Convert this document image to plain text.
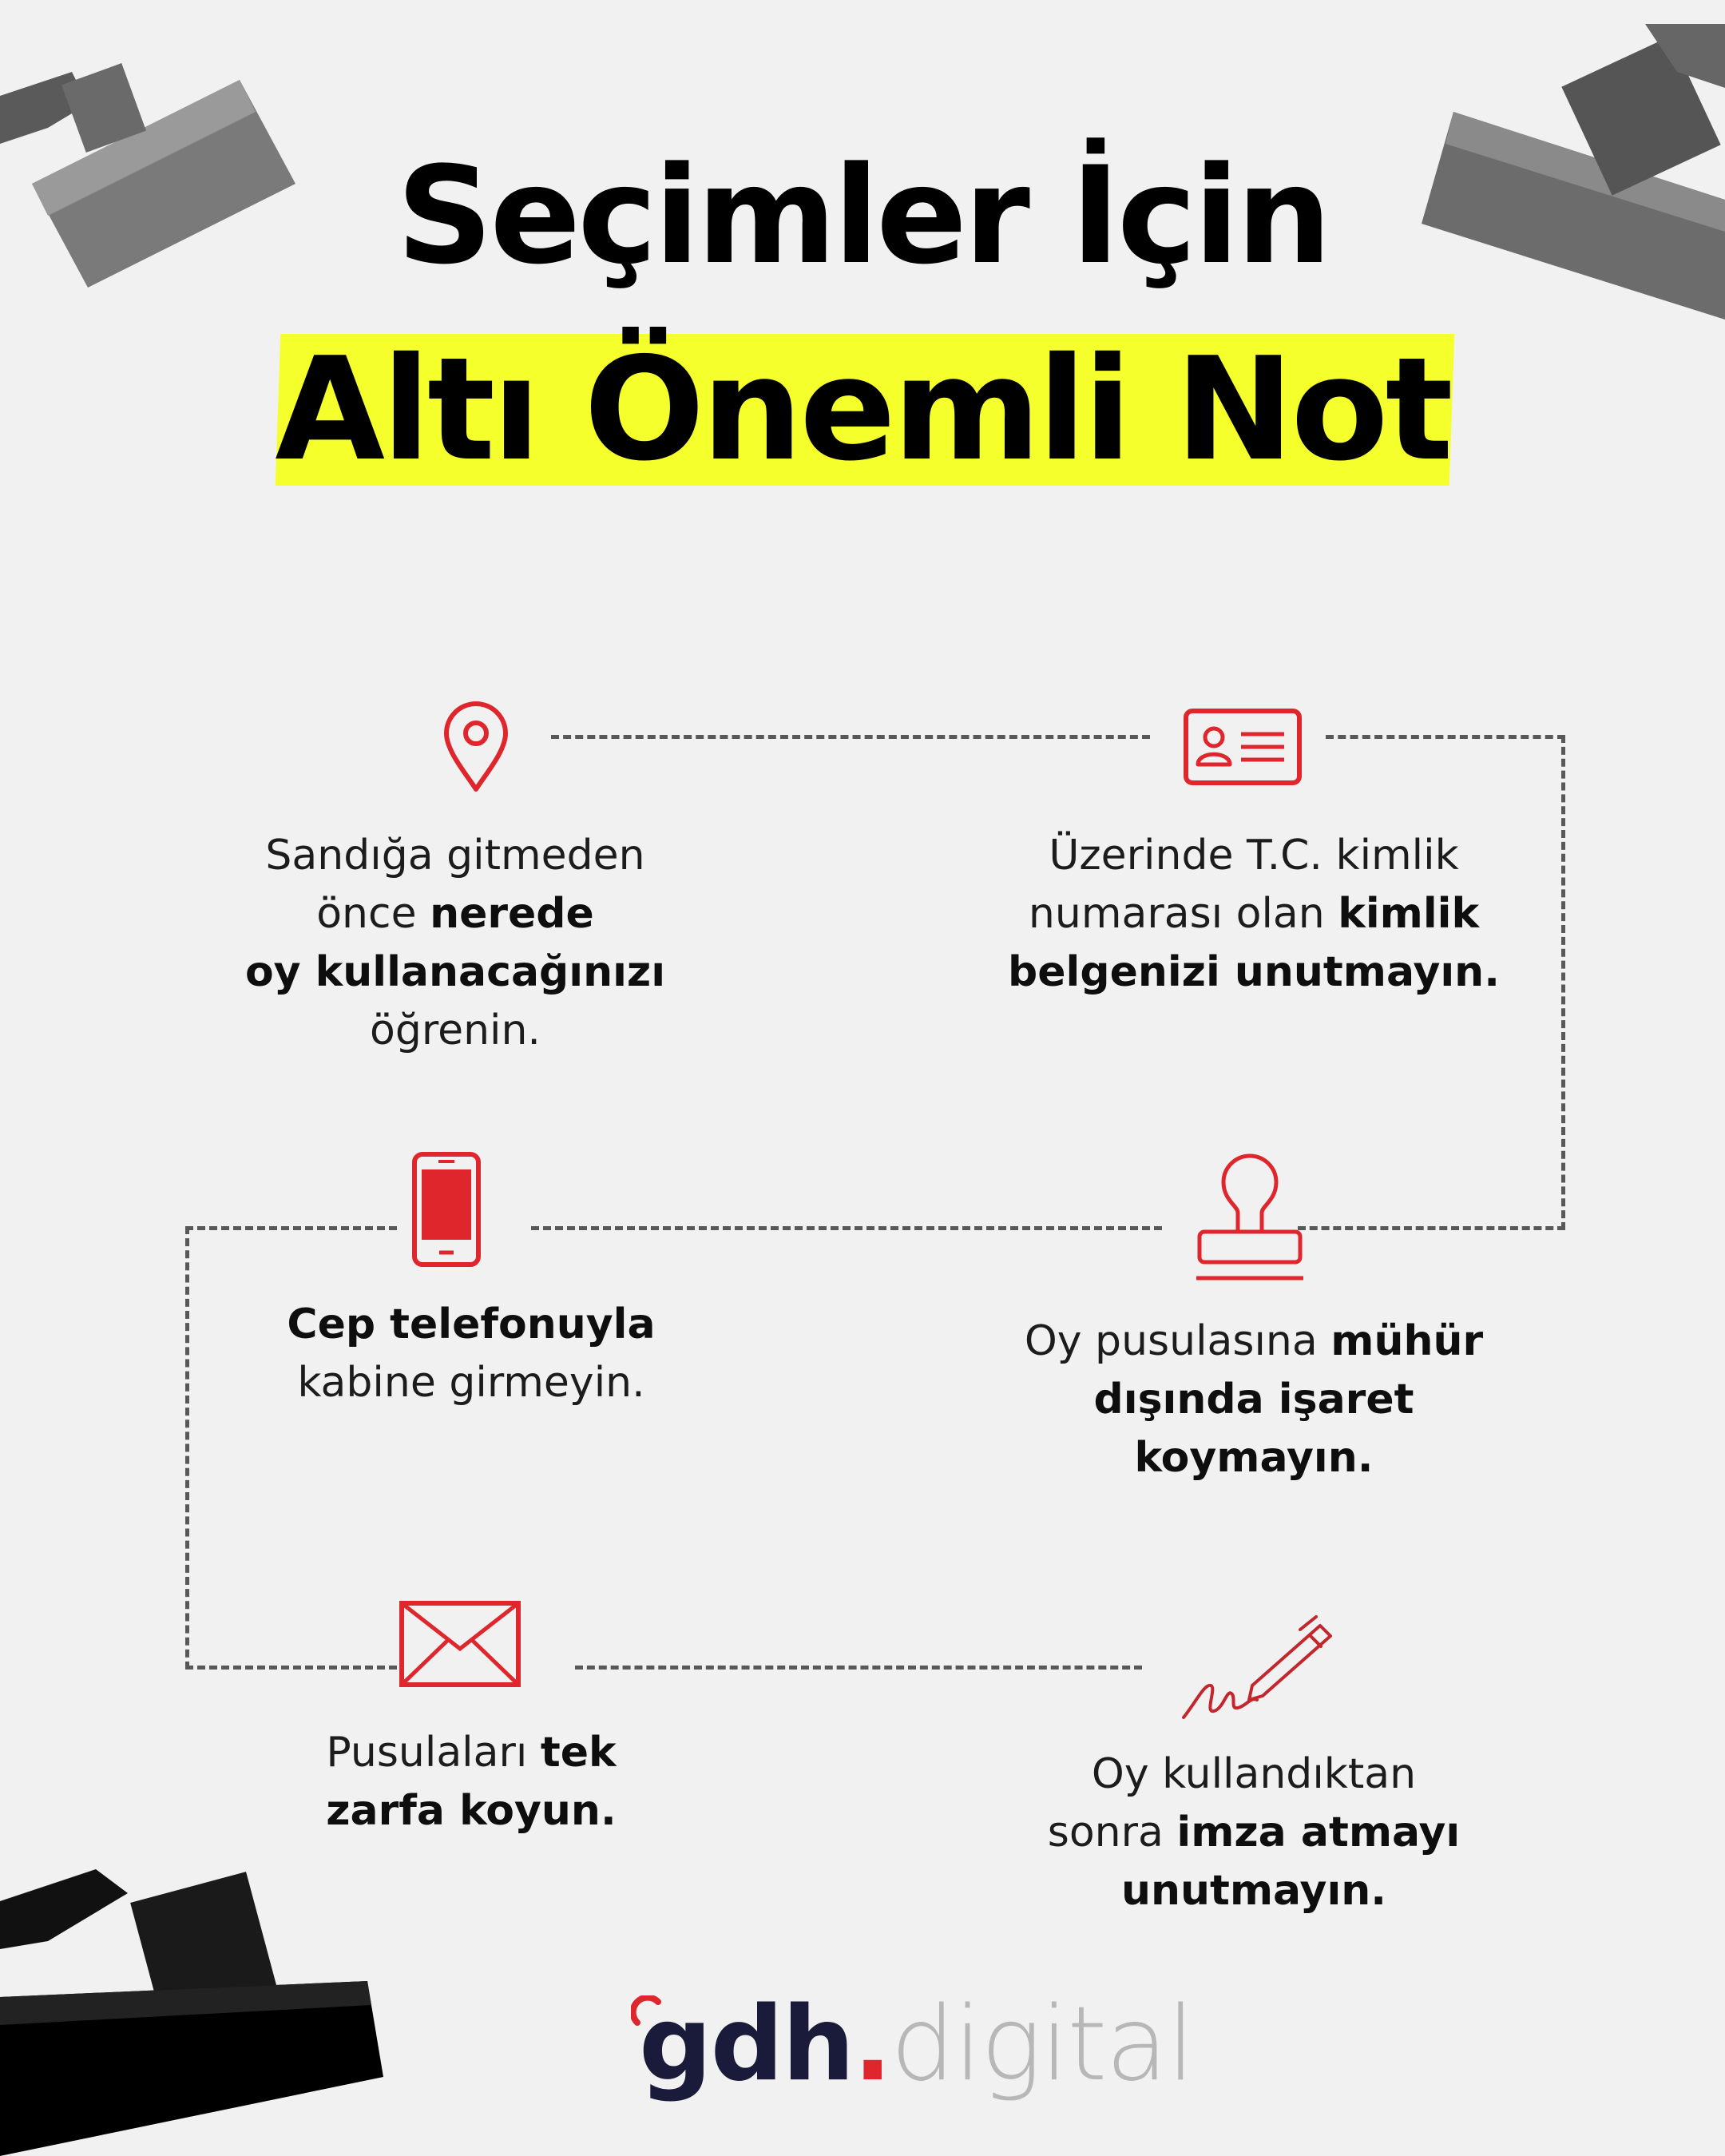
Seçimler İçin
Altı Önemli Not
Sandığa gitmeden
önce nerede
oy kullanacağınızı
öğrenin.
Üzerinde T.C. kimlik
numarası olan kimlik
belgenizi unutmayın.
Cep telefonuyla
kabine girmeyin.
Oy pusulasına mühür
dışında işaret
koymayın.
Pusulaları tek
zarfa koyun.
Oy kullandıktan
sonra imza atmayı
unutmayın.
gdh.digital
